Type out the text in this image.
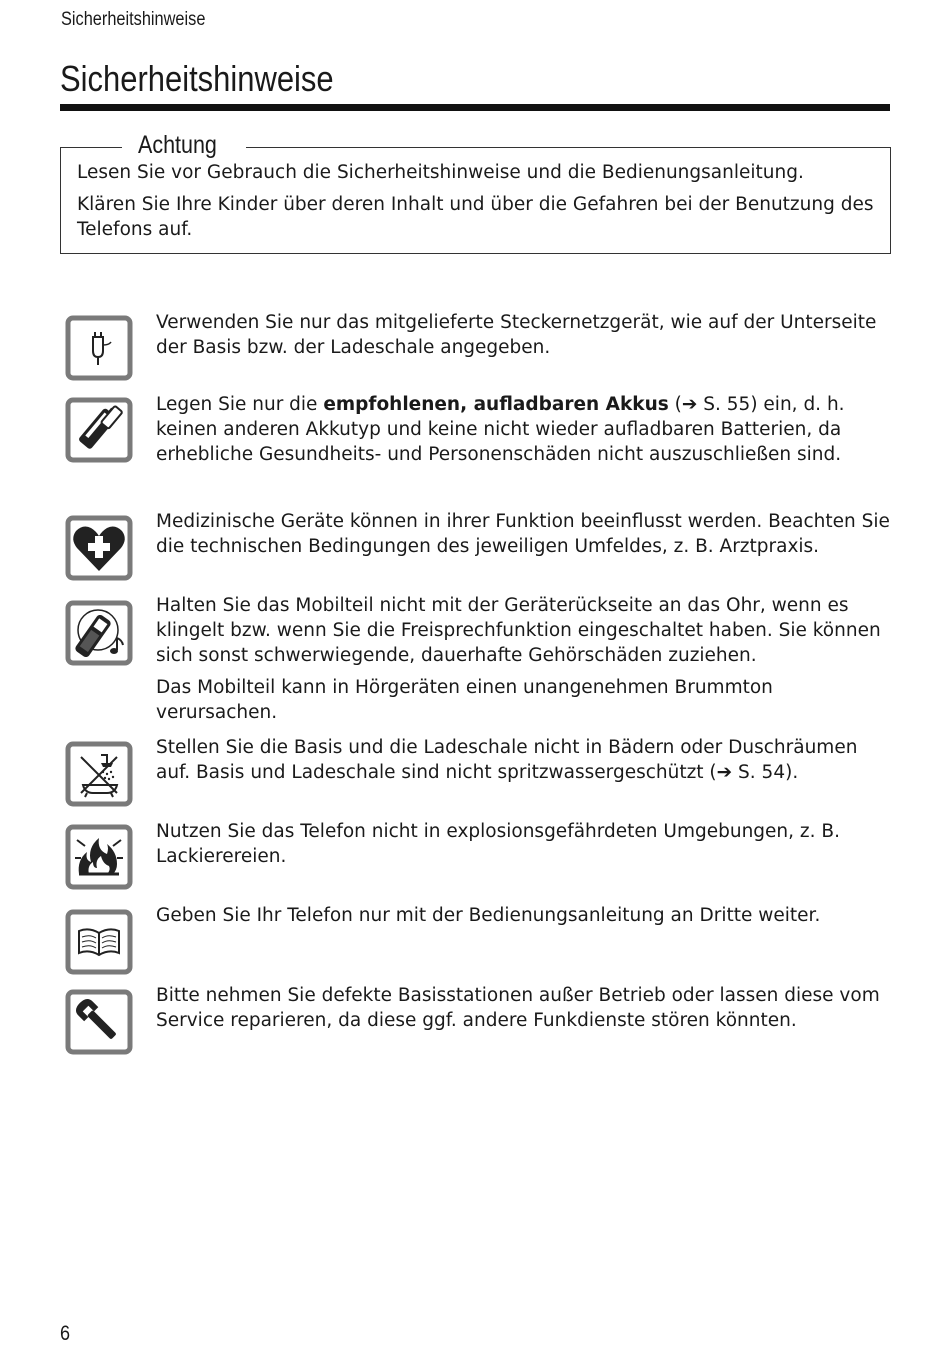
Sicherheitshinweise
Sicherheitshinweise

Lesen Sie vor Gebrauch die Sicherheitshinweise und die Bedienungsanleitung.

Klären Sie Ihre Kinder über deren Inhalt und über die Gefahren bei der Benutzung des Telefons auf.

Achtung

Verwenden Sie nur das mitgelieferte Steckernetzgerät, wie auf der Unterseite der Basis bzw. der Ladeschale angegeben.

Legen Sie nur die empfohlenen, aufladbaren Akkus (➔ S. 55) ein, d. h. keinen anderen Akkutyp und keine nicht wieder aufladbaren Batterien, da erhebliche Gesundheits- und Personenschäden nicht auszuschließen sind.

Medizinische Geräte können in ihrer Funktion beeinflusst werden. Beachten Sie die technischen Bedingungen des jeweiligen Umfeldes, z. B. Arztpraxis.

Halten Sie das Mobilteil nicht mit der Geräterückseite an das Ohr, wenn es klingelt bzw. wenn Sie die Freisprechfunktion eingeschaltet haben. Sie können sich sonst schwerwiegende, dauerhafte Gehörschäden zuziehen.

Das Mobilteil kann in Hörgeräten einen unangenehmen Brummton verursachen.

Stellen Sie die Basis und die Ladeschale nicht in Bädern oder Duschräumen auf. Basis und Ladeschale sind nicht spritzwassergeschützt (➔ S. 54).

Nutzen Sie das Telefon nicht in explosionsgefährdeten Umgebungen, z. B. Lackierereien.

Geben Sie Ihr Telefon nur mit der Bedienungsanleitung an Dritte weiter.

Bitte nehmen Sie defekte Basisstationen außer Betrieb oder lassen diese vom Service reparieren, da diese ggf. andere Funkdienste stören könnten.

6
